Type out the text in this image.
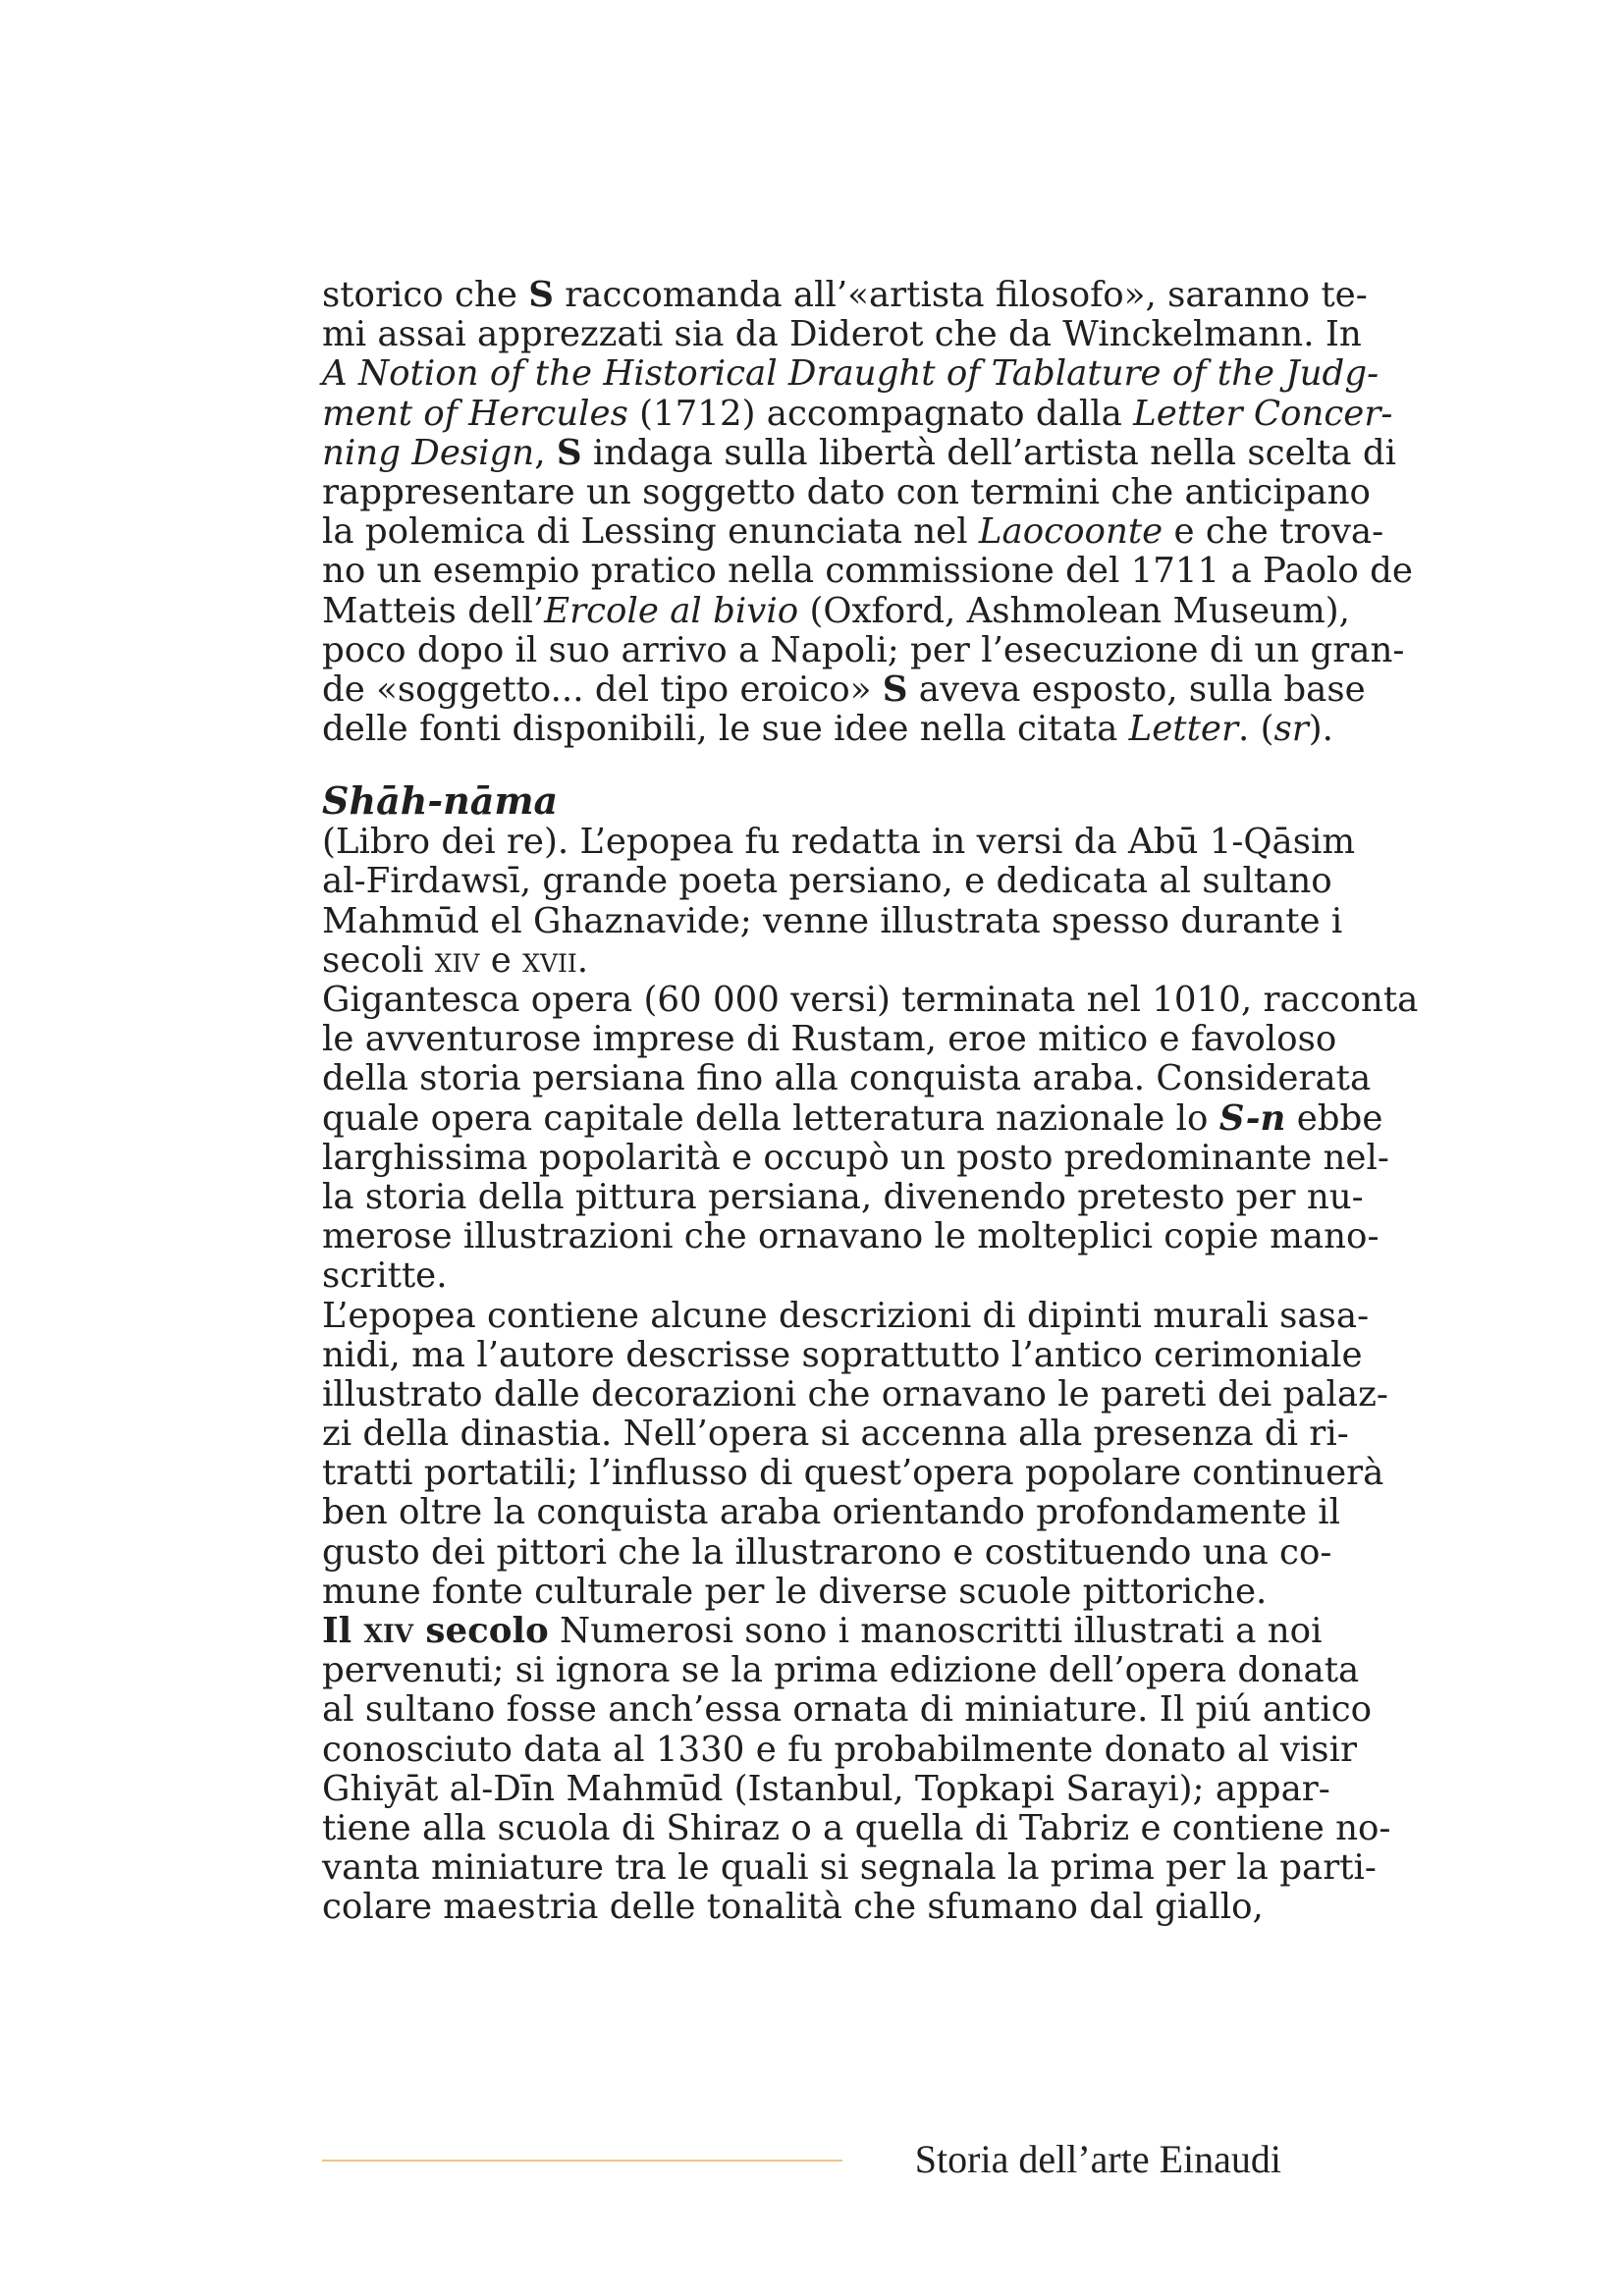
storico che S raccomanda all’«artista filosofo», saranno te-
mi assai apprezzati sia da Diderot che da Winckelmann. In
A Notion of the Historical Draught of Tablature of the Judg-
ment of Hercules (1712) accompagnato dalla Letter Concer-
ning Design, S indaga sulla libertà dell’artista nella scelta di
rappresentare un soggetto dato con termini che anticipano
la polemica di Lessing enunciata nel Laocoonte e che trova-
no un esempio pratico nella commissione del 1711 a Paolo de
Matteis dell’Ercole al bivio (Oxford, Ashmolean Museum),
poco dopo il suo arrivo a Napoli; per l’esecuzione di un gran-
de «soggetto... del tipo eroico» S aveva esposto, sulla base
delle fonti disponibili, le sue idee nella citata Letter. (sr).
Shāh-nāma
(Libro dei re). L’epopea fu redatta in versi da Abū 1-Qāsim
al-Firdawsī, grande poeta persiano, e dedicata al sultano
Mahmūd el Ghaznavide; venne illustrata spesso durante i
secoli xiv e xvii.
Gigantesca opera (60 000 versi) terminata nel 1010, racconta
le avventurose imprese di Rustam, eroe mitico e favoloso
della storia persiana fino alla conquista araba. Considerata
quale opera capitale della letteratura nazionale lo S-n ebbe
larghissima popolarità e occupò un posto predominante nel-
la storia della pittura persiana, divenendo pretesto per nu-
merose illustrazioni che ornavano le molteplici copie mano-
scritte.
L’epopea contiene alcune descrizioni di dipinti murali sasa-
nidi, ma l’autore descrisse soprattutto l’antico cerimoniale
illustrato dalle decorazioni che ornavano le pareti dei palaz-
zi della dinastia. Nell’opera si accenna alla presenza di ri-
tratti portatili; l’influsso di quest’opera popolare continuerà
ben oltre la conquista araba orientando profondamente il
gusto dei pittori che la illustrarono e costituendo una co-
mune fonte culturale per le diverse scuole pittoriche.
Il xiv secolo Numerosi sono i manoscritti illustrati a noi
pervenuti; si ignora se la prima edizione dell’opera donata
al sultano fosse anch’essa ornata di miniature. Il piú antico
conosciuto data al 1330 e fu probabilmente donato al visir
Ghiyāt al-Dīn Mahmūd (Istanbul, Topkapi Sarayi); appar-
tiene alla scuola di Shiraz o a quella di Tabriz e contiene no-
vanta miniature tra le quali si segnala la prima per la parti-
colare maestria delle tonalità che sfumano dal giallo,
Storia dell’arte Einaudi
